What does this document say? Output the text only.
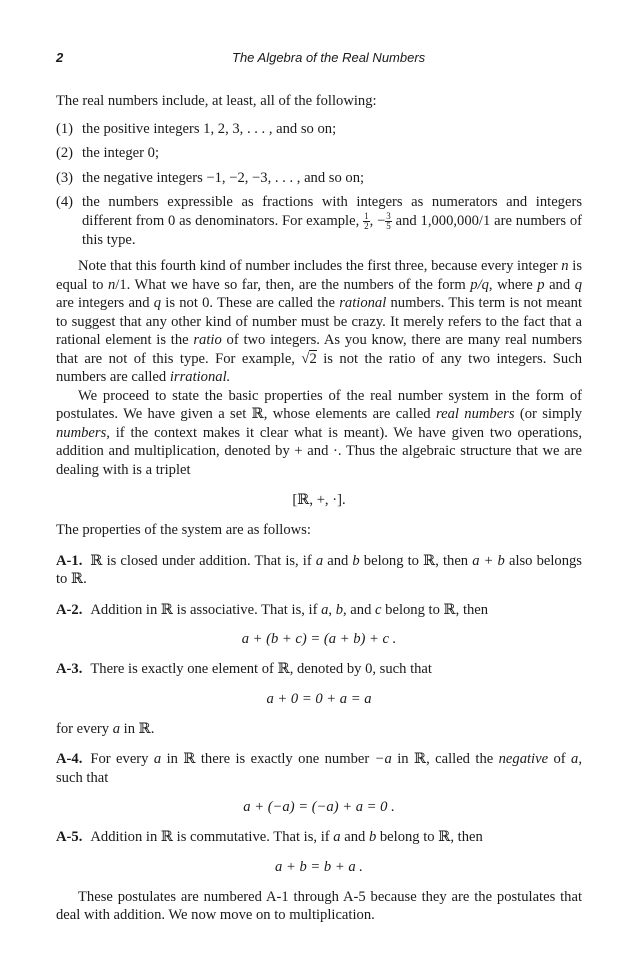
2	The Algebra of the Real Numbers

The real numbers include, at least, all of the following:

(1) the positive integers 1, 2, 3, . . . , and so on;
(2) the integer 0;
(3) the negative integers −1, −2, −3, . . . , and so on;
(4) the numbers expressible as fractions with integers as numerators and integers different from 0 as denominators. For example, $\frac{1}{2}$ , − $\frac{3}{5}$ and 1,000,000/1 are numbers of this type.

Note that this fourth kind of number includes the first three, because every integer n is equal to n/1. What we have so far, then, are the numbers of the form p/q, where p and q are integers and q is not 0. These are called the rational numbers. This term is not meant to suggest that any other kind of number must be crazy. It merely refers to the fact that a rational element is the ratio of two integers. As you know, there are many real numbers that are not of this type. For example, √2 is not the ratio of any two integers. Such numbers are called irrational.

We proceed to state the basic properties of the real number system in the form of postulates. We have given a set ℝ, whose elements are called real numbers (or simply numbers, if the context makes it clear what is meant). We have given two operations, addition and multiplication, denoted by + and ·. Thus the algebraic structure that we are dealing with is a triplet

[ℝ, +, ·].

The properties of the system are as follows:

A-1. ℝ is closed under addition. That is, if a and b belong to ℝ, then a + b also belongs to ℝ.

A-2. Addition in ℝ is associative. That is, if a, b, and c belong to ℝ, then

a + (b + c) = (a + b) + c .

A-3. There is exactly one element of ℝ, denoted by 0, such that

a + 0 = 0 + a = a

for every a in ℝ.

A-4. For every a in ℝ there is exactly one number −a in ℝ, called the negative of a, such that

a + (−a) = (−a) + a = 0 .

A-5. Addition in ℝ is commutative. That is, if a and b belong to ℝ, then

a + b = b + a .

These postulates are numbered A-1 through A-5 because they are the postulates that deal with addition. We now move on to multiplication.
